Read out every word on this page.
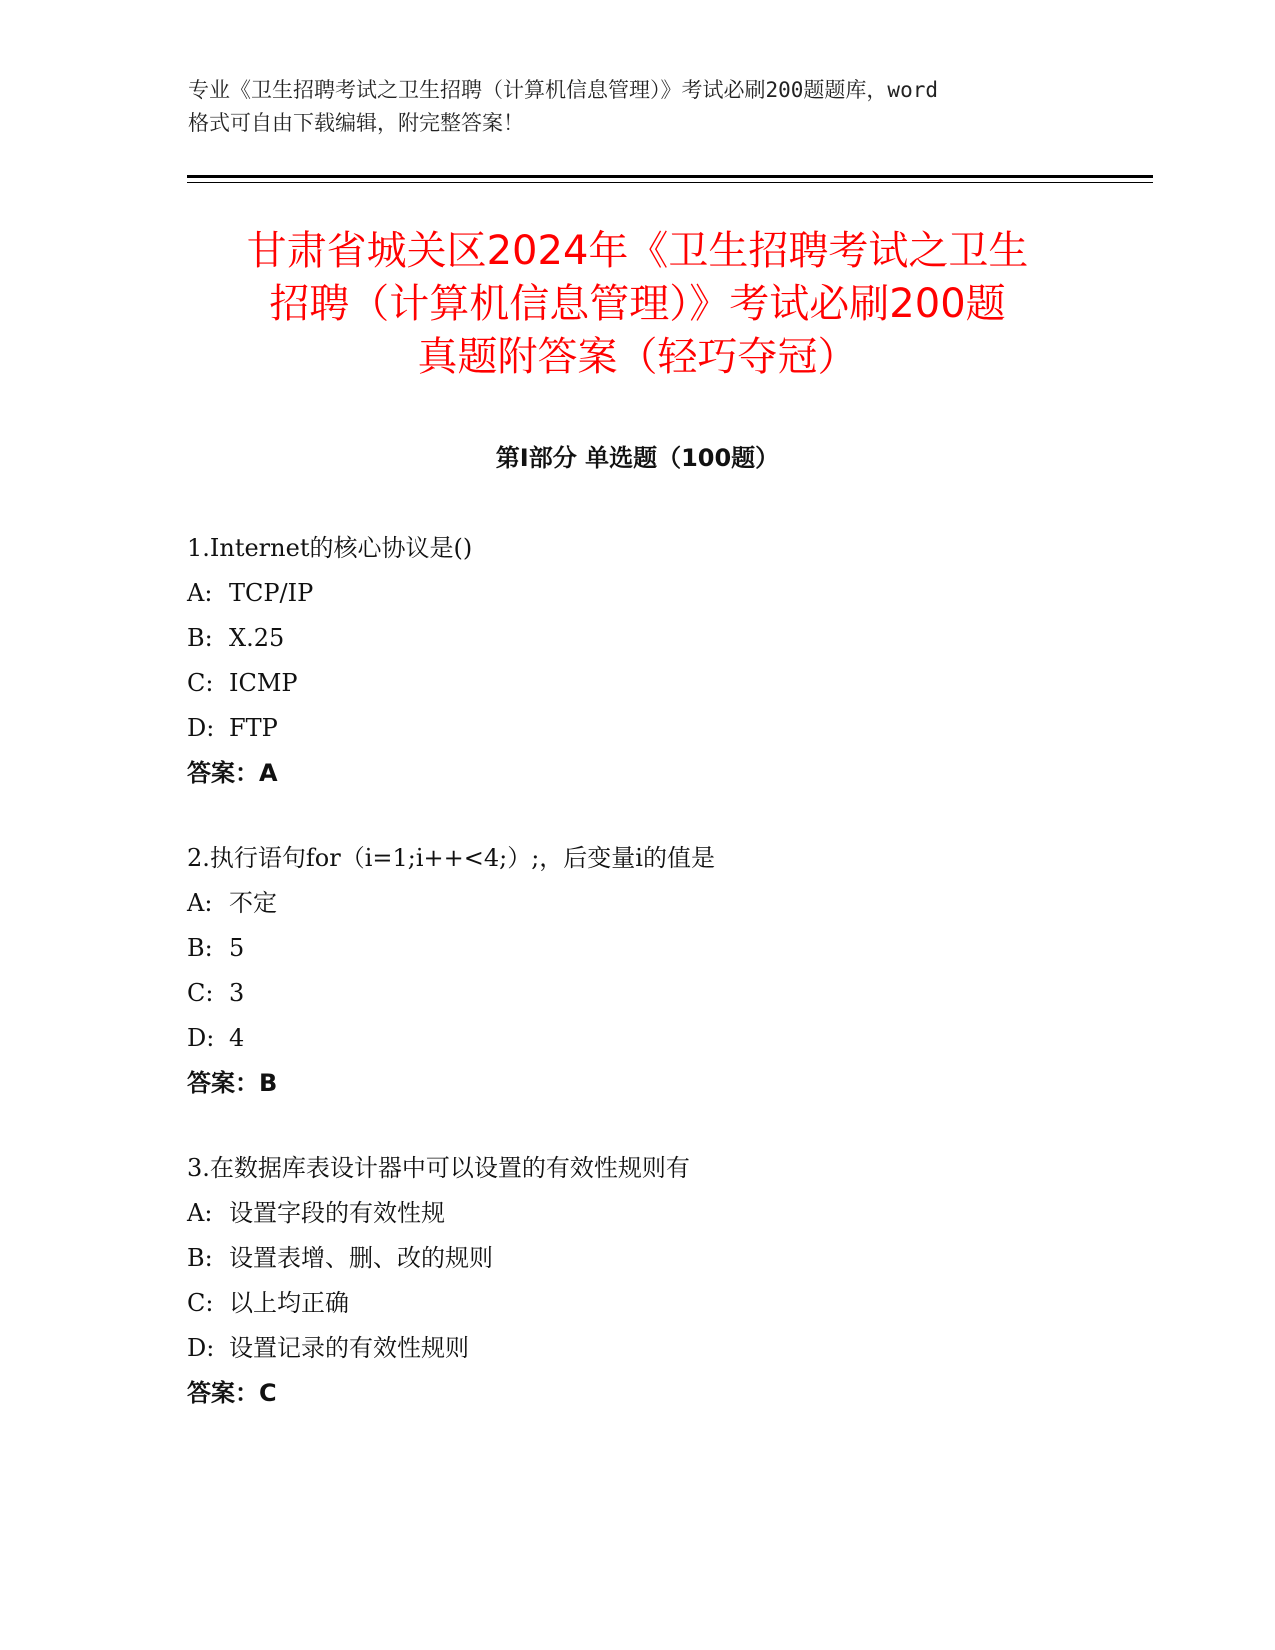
专业《卫生招聘考试之卫生招聘（计算机信息管理）》考试必刷200题题库，word
格式可自由下载编辑，附完整答案！
甘肃省城关区2024年《卫生招聘考试之卫生
招聘（计算机信息管理）》考试必刷200题
真题附答案（轻巧夺冠）
第Ⅰ部分 单选题（100题）
1.Internet的核心协议是()
A: TCP/IP
B: X.25
C: ICMP
D: FTP
答案：A
2.执行语句for（i=1;i++<4;）;，后变量i的值是
A: 不定
B: 5
C: 3
D: 4
答案：B
3.在数据库表设计器中可以设置的有效性规则有
A: 设置字段的有效性规
B: 设置表增、删、改的规则
C: 以上均正确
D: 设置记录的有效性规则
答案：C
